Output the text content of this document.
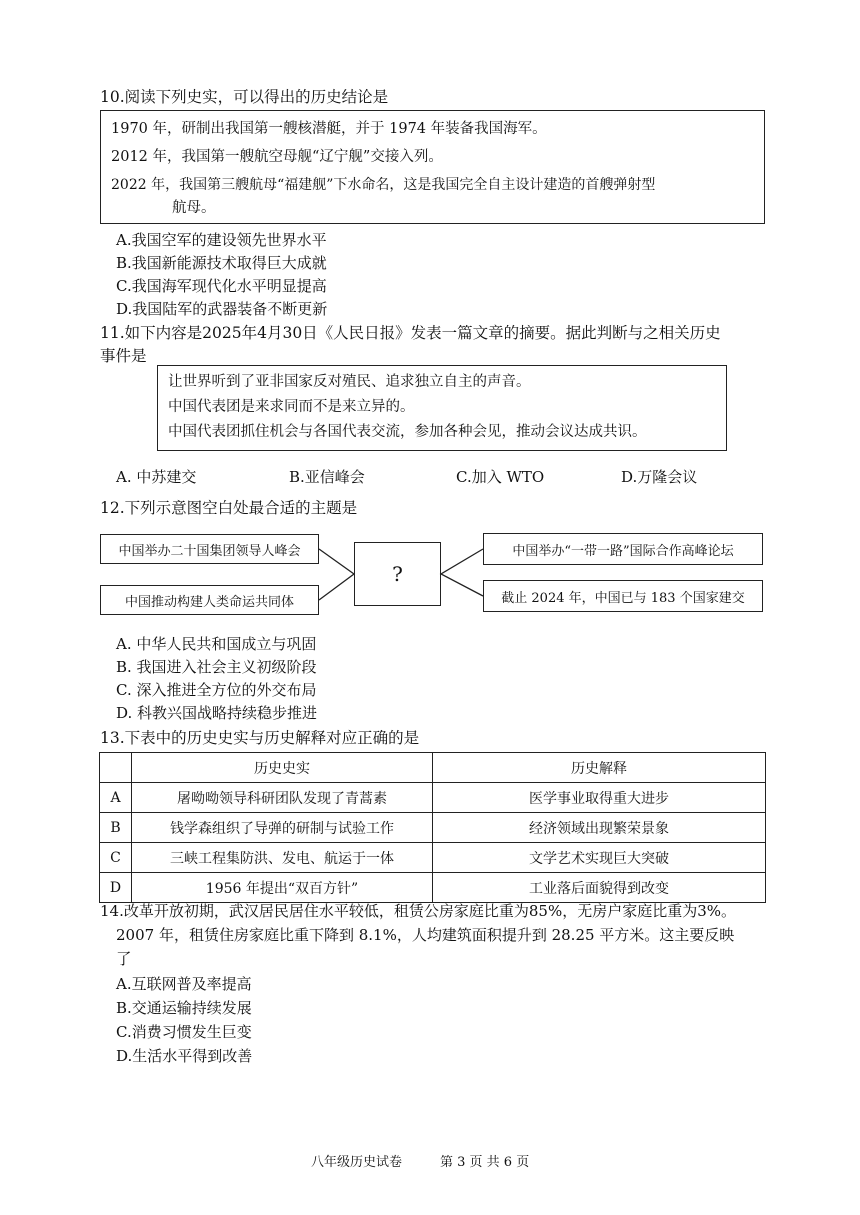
10.阅读下列史实，可以得出的历史结论是
1970 年，研制出我国第一艘核潜艇，并于 1974 年装备我国海军。
2012 年，我国第一艘航空母舰“辽宁舰”交接入列。
2022 年，我国第三艘航母“福建舰”下水命名，这是我国完全自主设计建造的首艘弹射型
航母。
A.我国空军的建设领先世界水平
B.我国新能源技术取得巨大成就
C.我国海军现代化水平明显提高
D.我国陆军的武器装备不断更新
11.如下内容是2025年4月30日《人民日报》发表一篇文章的摘要。据此判断与之相关历史
事件是
让世界听到了亚非国家反对殖民、追求独立自主的声音。
中国代表团是来求同而不是来立异的。
中国代表团抓住机会与各国代表交流，参加各种会见，推动会议达成共识。
A. 中苏建交	B.亚信峰会	C.加入 WTO	D.万隆会议
12.下列示意图空白处最合适的主题是
中国举办二十国集团领导人峰会
中国推动构建人类命运共同体
?
中国举办“一带一路”国际合作高峰论坛
截止 2024 年，中国已与 183 个国家建交
A. 中华人民共和国成立与巩固
B. 我国进入社会主义初级阶段
C. 深入推进全方位的外交布局
D. 科教兴国战略持续稳步推进
13.下表中的历史史实与历史解释对应正确的是
	历史史实	历史解释
A	屠呦呦领导科研团队发现了青蒿素	医学事业取得重大进步
B	钱学森组织了导弹的研制与试验工作	经济领域出现繁荣景象
C	三峡工程集防洪、发电、航运于一体	文学艺术实现巨大突破
D	1956 年提出“双百方针”	工业落后面貌得到改变
14.改革开放初期，武汉居民居住水平较低，租赁公房家庭比重为85%，无房户家庭比重为3%。
2007 年，租赁住房家庭比重下降到 8.1%，人均建筑面积提升到 28.25 平方米。这主要反映
了
A.互联网普及率提高
B.交通运输持续发展
C.消费习惯发生巨变
D.生活水平得到改善
八年级历史试卷	第 3 页 共 6 页
